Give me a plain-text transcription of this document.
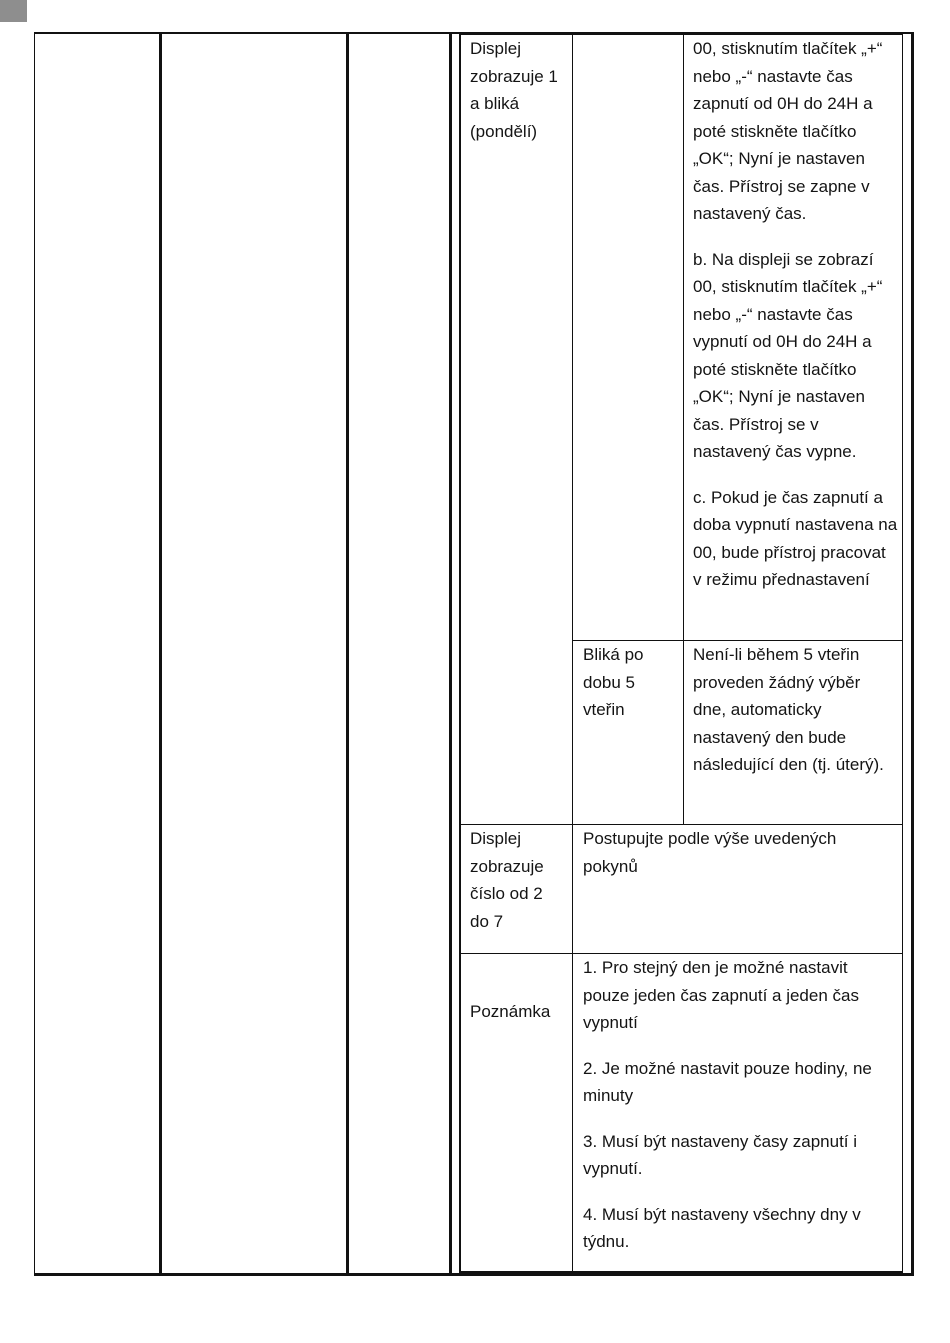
Displej zobrazuje 1 a bliká (pondělí)

00, stisknutím tlačítek „+“ nebo „-“ nastavte čas zapnutí od 0H do 24H a poté stiskněte tlačítko „OK“; Nyní je nastaven čas. Přístroj se zapne v nastavený čas.

b. Na displeji se zobrazí 00, stisknutím tlačítek „+“ nebo „-“ nastavte čas vypnutí od 0H do 24H a poté stiskněte tlačítko „OK“; Nyní je nastaven čas. Přístroj se v nastavený čas vypne.

c. Pokud je čas zapnutí a doba vypnutí nastavena na 00, bude přístroj pracovat v režimu přednastavení

Bliká po dobu 5 vteřin

Není-li během 5 vteřin proveden žádný výběr dne, automaticky nastavený den bude následující den (tj. úterý).

Displej zobrazuje číslo od 2 do 7

Postupujte podle výše uvedených pokynů

Poznámka

1. Pro stejný den je možné nastavit pouze jeden čas zapnutí a jeden čas vypnutí

2. Je možné nastavit pouze hodiny, ne minuty

3. Musí být nastaveny časy zapnutí i vypnutí.

4. Musí být nastaveny všechny dny v týdnu.
